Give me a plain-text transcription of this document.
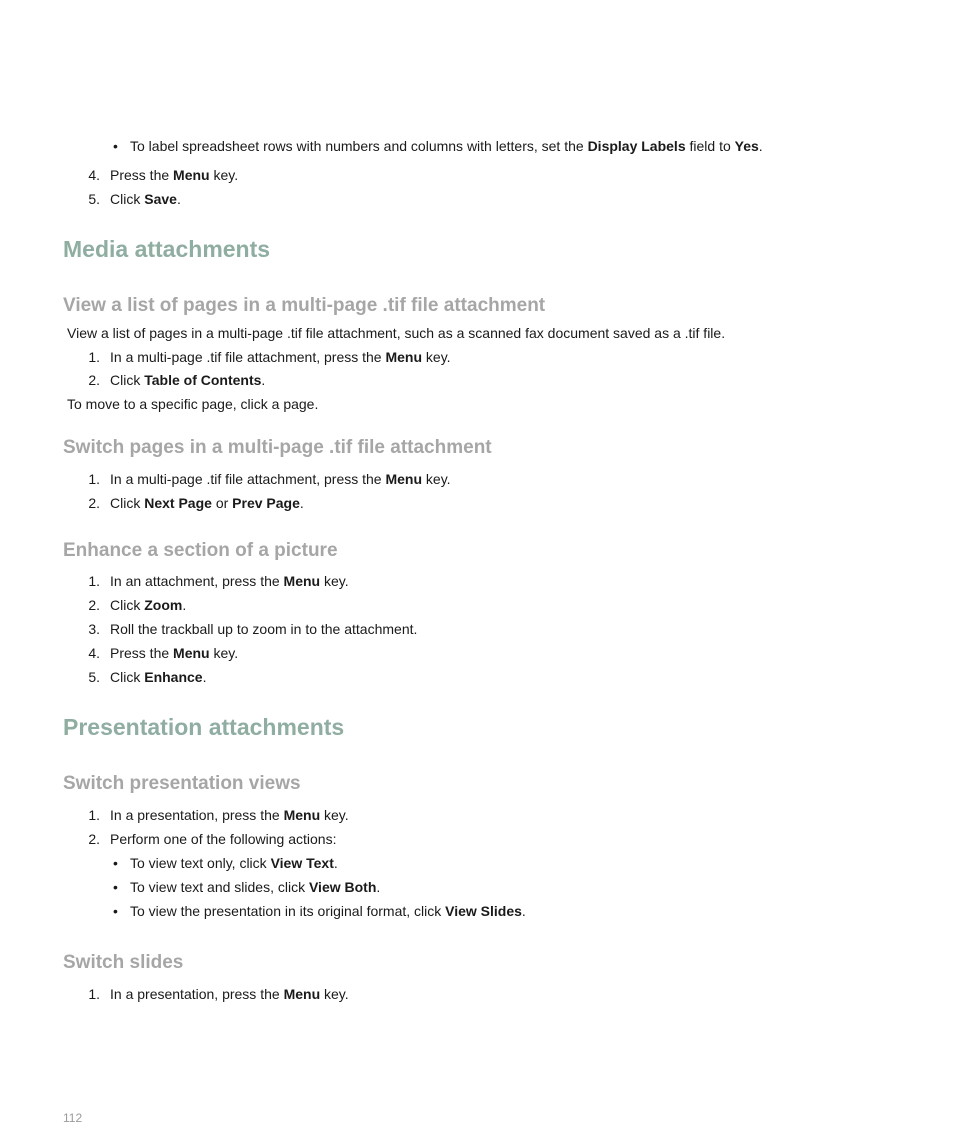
• To label spreadsheet rows with numbers and columns with letters, set the Display Labels field to Yes.
4. Press the Menu key.
5. Click Save.
Media attachments
View a list of pages in a multi-page .tif file attachment
View a list of pages in a multi-page .tif file attachment, such as a scanned fax document saved as a .tif file.
1. In a multi-page .tif file attachment, press the Menu key.
2. Click Table of Contents.
To move to a specific page, click a page.
Switch pages in a multi-page .tif file attachment
1. In a multi-page .tif file attachment, press the Menu key.
2. Click Next Page or Prev Page.
Enhance a section of a picture
1. In an attachment, press the Menu key.
2. Click Zoom.
3. Roll the trackball up to zoom in to the attachment.
4. Press the Menu key.
5. Click Enhance.
Presentation attachments
Switch presentation views
1. In a presentation, press the Menu key.
2. Perform one of the following actions:
• To view text only, click View Text.
• To view text and slides, click View Both.
• To view the presentation in its original format, click View Slides.
Switch slides
1. In a presentation, press the Menu key.
112
